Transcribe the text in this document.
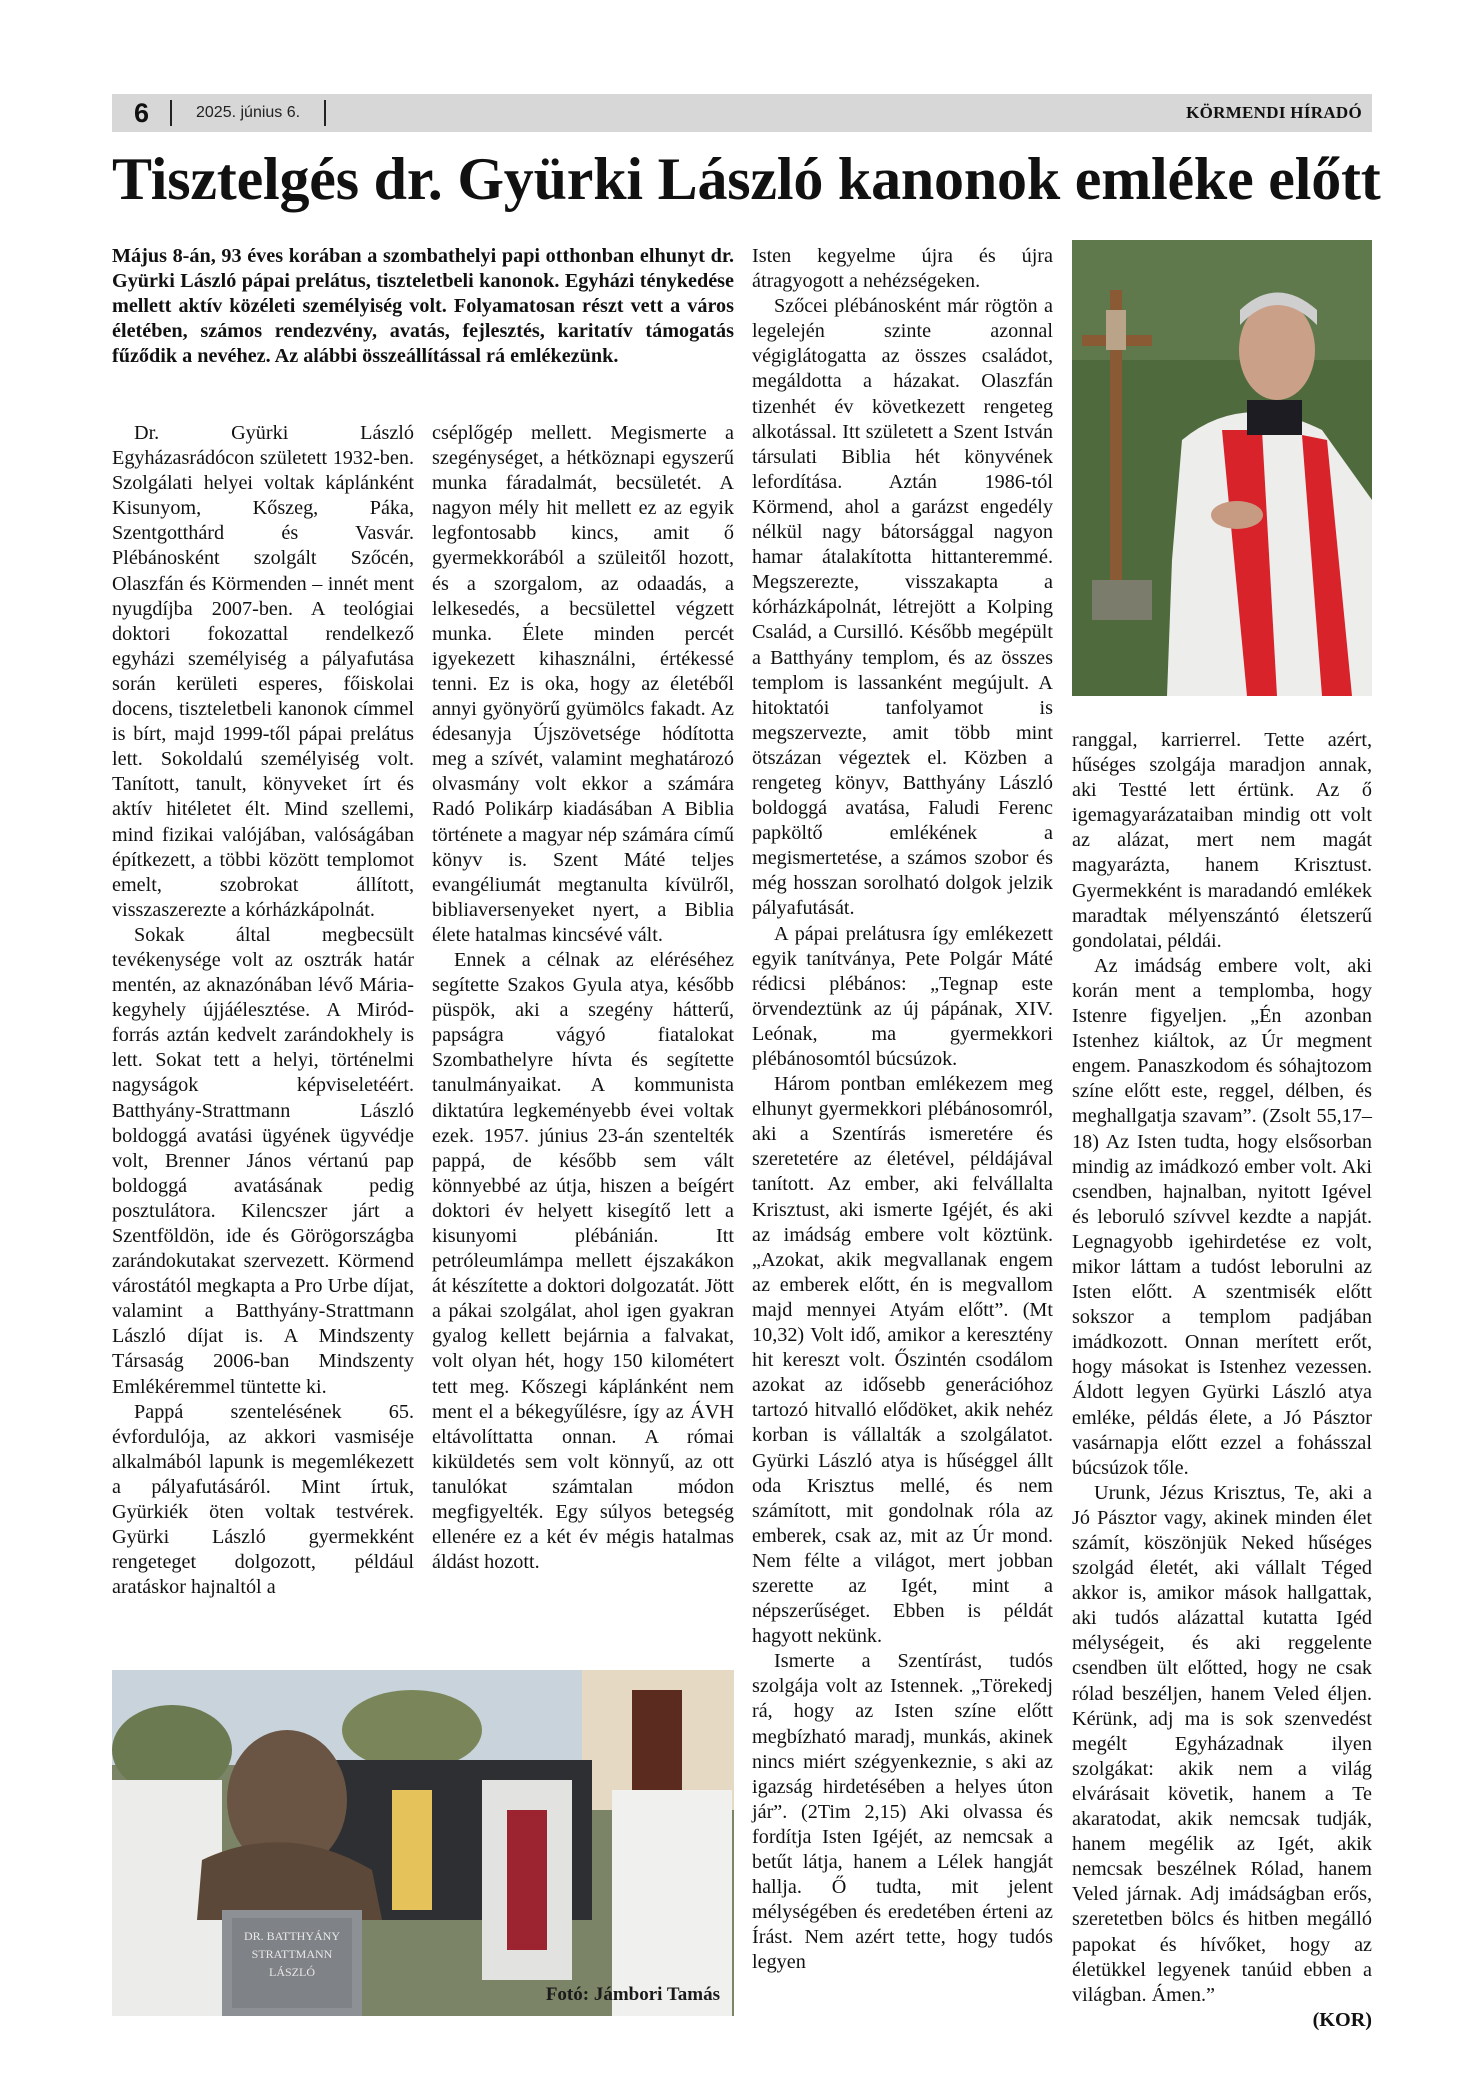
6	2025. június 6.	KÖRMENDI HÍRADÓ
Tisztelgés dr. Gyürki László kanonok emléke előtt
Május 8-án, 93 éves korában a szombathelyi papi otthonban elhunyt dr. Gyürki László pápai prelátus, tiszteletbeli kanonok. Egyházi ténykedése mellett aktív közéleti személyiség volt. Folyamatosan részt vett a város életében, számos rendezvény, avatás, fejlesztés, karitatív támogatás fűződik a nevéhez. Az alábbi összeállítással rá emlékezünk.

Dr. Gyürki László Egyházasrádócon született 1932-ben. Szolgálati helyei voltak káplánként Kisunyom, Kőszeg, Páka, Szentgotthárd és Vasvár. Plébánosként szolgált Szőcén, Olaszfán és Körmenden – innét ment nyugdíjba 2007-ben. A teológiai doktori fokozattal rendelkező egyházi személyiség a pályafutása során kerületi esperes, főiskolai docens, tiszteletbeli kanonok címmel is bírt, majd 1999-től pápai prelátus lett. Sokoldalú személyiség volt. Tanított, tanult, könyveket írt és aktív hitéletet élt. Mind szellemi, mind fizikai valójában, valóságában építkezett, a többi között templomot emelt, szobrokat állított, visszaszerezte a kórházkápolnát.

Sokak által megbecsült tevékenysége volt az osztrák határ mentén, az aknazónában lévő Mária-kegyhely újjáélesztése. A Miród-forrás aztán kedvelt zarándokhely is lett. Sokat tett a helyi, történelmi nagyságok képviseletéért. Batthyány-Strattmann László boldoggá avatási ügyének ügyvédje volt, Brenner János vértanú pap boldoggá avatásának pedig posztulátora. Kilencszer járt a Szentföldön, ide és Görögországba zarándokutakat szervezett. Körmend várostától megkapta a Pro Urbe díjat, valamint a Batthyány-Strattmann László díjat is. A Mindszenty Társaság 2006-ban Mindszenty Emlékéremmel tüntette ki.

Pappá szentelésének 65. évfordulója, az akkori vasmiséje alkalmából lapunk is megemlékezett a pályafutásáról. Mint írtuk, Gyürkiék öten voltak testvérek. Gyürki László gyermekként rengeteget dolgozott, például aratáskor hajnaltól a

cséplőgép mellett. Megismerte a szegénységet, a hétköznapi egyszerű munka fáradalmát, becsületét. A nagyon mély hit mellett ez az egyik legfontosabb kincs, amit ő gyermekkorából a szüleitől hozott, és a szorgalom, az odaadás, a lelkesedés, a becsülettel végzett munka. Élete minden percét igyekezett kihasználni, értékessé tenni. Ez is oka, hogy az életéből annyi gyönyörű gyümölcs fakadt. Az édesanyja Újszövetsége hódította meg a szívét, valamint meghatározó olvasmány volt ekkor a számára Radó Polikárp kiadásában A Biblia története a magyar nép számára című könyv is. Szent Máté teljes evangéliumát megtanulta kívülről, bibliaversenyeket nyert, a Biblia élete hatalmas kincsévé vált.

Ennek a célnak az eléréséhez segítette Szakos Gyula atya, később püspök, aki a szegény hátterű, papságra vágyó fiatalokat Szombathelyre hívta és segítette tanulmányaikat. A kommunista diktatúra legkeményebb évei voltak ezek. 1957. június 23-án szentelték pappá, de később sem vált könnyebbé az útja, hiszen a beígért doktori év helyett kisegítő lett a kisunyomi plébánián. Itt petróleumlámpa mellett éjszakákon át készítette a doktori dolgozatát. Jött a pákai szolgálat, ahol igen gyakran gyalog kellett bejárnia a falvakat, volt olyan hét, hogy 150 kilométert tett meg. Kőszegi káplánként nem ment el a békegyűlésre, így az ÁVH eltávolíttatta onnan. A római kiküldetés sem volt könnyű, az ott tanulókat számtalan módon megfigyelték. Egy súlyos betegség ellenére ez a két év mégis hatalmas áldást hozott.

Isten kegyelme újra és újra átragyogott a nehézségeken.

Szőcei plébánosként már rögtön a legelején szinte azonnal végiglátogatta az összes családot, megáldotta a házakat. Olaszfán tizenhét év következett rengeteg alkotással. Itt született a Szent István társulati Biblia hét könyvének lefordítása. Aztán 1986-tól Körmend, ahol a garázst engedély nélkül nagy bátorsággal nagyon hamar átalakította hittanteremmé. Megszerezte, visszakapta a kórházkápolnát, létrejött a Kolping Család, a Cursilló. Később megépült a Batthyány templom, és az összes templom is lassanként megújult. A hitoktatói tanfolyamot is megszervezte, amit több mint ötszázan végeztek el. Közben a rengeteg könyv, Batthyány László boldoggá avatása, Faludi Ferenc papköltő emlékének a megismertetése, a számos szobor és még hosszan sorolható dolgok jelzik pályafutását.

A pápai prelátusra így emlékezett egyik tanítványa, Pete Polgár Máté rédicsi plébános: „Tegnap este örvendeztünk az új pápának, XIV. Leónak, ma gyermekkori plébánosomtól búcsúzok.

Három pontban emlékezem meg elhunyt gyermekkori plébánosomról, aki a Szentírás ismeretére és szeretetére az életével, példájával tanított. Az ember, aki felvállalta Krisztust, aki ismerte Igéjét, és aki az imádság embere volt köztünk. „Azokat, akik megvallanak engem az emberek előtt, én is megvallom majd mennyei Atyám előtt”. (Mt 10,32) Volt idő, amikor a keresztény hit kereszt volt. Őszintén csodálom azokat az idősebb generációhoz tartozó hitvalló elődöket, akik nehéz korban is vállalták a szolgálatot. Gyürki László atya is hűséggel állt oda Krisztus mellé, és nem számított, mit gondolnak róla az emberek, csak az, mit az Úr mond. Nem félte a világot, mert jobban szerette az Igét, mint a népszerűséget. Ebben is példát hagyott nekünk.

Ismerte a Szentírást, tudós szolgája volt az Istennek. „Törekedj rá, hogy az Isten színe előtt megbízható maradj, munkás, akinek nincs miért szégyenkeznie, s aki az igazság hirdetésében a helyes úton jár”. (2Tim 2,15) Aki olvassa és fordítja Isten Igéjét, az nemcsak a betűt látja, hanem a Lélek hangját hallja. Ő tudta, mit jelent mélységében és eredetében érteni az Írást. Nem azért tette, hogy tudós legyen

ranggal, karrierrel. Tette azért, hűséges szolgája maradjon annak, aki Testté lett értünk. Az ő igemagyarázataiban mindig ott volt az alázat, mert nem magát magyarázta, hanem Krisztust. Gyermekként is maradandó emlékek maradtak mélyenszántó életszerű gondolatai, példái.

Az imádság embere volt, aki korán ment a templomba, hogy Istenre figyeljen. „Én azonban Istenhez kiáltok, az Úr megment engem. Panaszkodom és sóhajtozom színe előtt este, reggel, délben, és meghallgatja szavam”. (Zsolt 55,17–18) Az Isten tudta, hogy elsősorban mindig az imádkozó ember volt. Aki csendben, hajnalban, nyitott Igével és leboruló szívvel kezdte a napját. Legnagyobb igehirdetése ez volt, mikor láttam a tudóst leborulni az Isten előtt. A szentmisék előtt sokszor a templom padjában imádkozott. Onnan merített erőt, hogy másokat is Istenhez vezessen. Áldott legyen Gyürki László atya emléke, példás élete, a Jó Pásztor vasárnapja előtt ezzel a fohásszal búcsúzok tőle.

Urunk, Jézus Krisztus, Te, aki a Jó Pásztor vagy, akinek minden élet számít, köszönjük Neked hűséges szolgád életét, aki vállalt Téged akkor is, amikor mások hallgattak, aki tudós alázattal kutatta Igéd mélységeit, és aki reggelente csendben ült előtted, hogy ne csak rólad beszéljen, hanem Veled éljen. Kérünk, adj ma is sok szenvedést megélt Egyházadnak ilyen szolgákat: akik nem a világ elvárásait követik, hanem a Te akaratodat, akik nemcsak tudják, hanem megélik az Igét, akik nemcsak beszélnek Rólad, hanem Veled járnak. Adj imádságban erős, szeretetben bölcs és hitben megálló papokat és hívőket, hogy az életükkel legyenek tanúid ebben a világban. Ámen.”

(KOR)

DR. BATTHYÁNY
STRATTMANN
LÁSZLÓ
Fotó: Jámbori Tamás
